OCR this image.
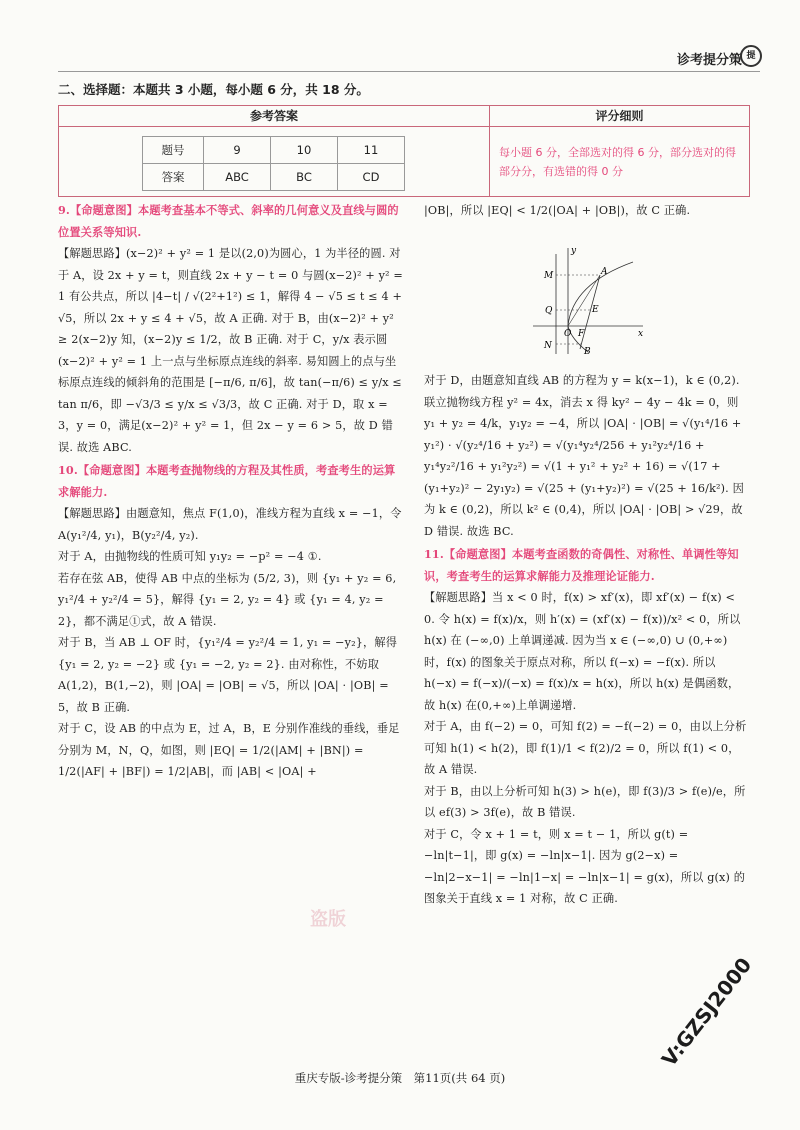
诊考提分策 提
二、选择题：本题共 3 小题，每小题 6 分，共 18 分。
参考答案
题号	9	10	11
答案	ABC	BC	CD
评分细则
每小题 6 分，全部选对的得 6 分，部分选对的得部分分，有选错的得 0 分

9.【命题意图】本题考查基本不等式、斜率的几何意义及直线与圆的位置关系等知识.

【解题思路】(x−2)² + y² = 1 是以(2,0)为圆心，1 为半径的圆. 对于 A，设 2x + y = t，则直线 2x + y − t = 0 与圆(x−2)² + y² = 1 有公共点，所以 |4−t| / √(2²+1²) ≤ 1，解得 4 − √5 ≤ t ≤ 4 + √5，所以 2x + y ≤ 4 + √5，故 A 正确. 对于 B，由(x−2)² + y² ≥ 2(x−2)y 知，(x−2)y ≤ 1/2，故 B 正确. 对于 C，y/x 表示圆(x−2)² + y² = 1 上一点与坐标原点连线的斜率. 易知圆上的点与坐标原点连线的倾斜角的范围是 [−π/6, π/6]，故 tan(−π/6) ≤ y/x ≤ tan π/6，即 −√3/3 ≤ y/x ≤ √3/3，故 C 正确. 对于 D，取 x = 3，y = 0，满足(x−2)² + y² = 1，但 2x − y = 6 > 5，故 D 错误. 故选 ABC.

10.【命题意图】本题考查抛物线的方程及其性质，考查考生的运算求解能力.

【解题思路】由题意知，焦点 F(1,0)，准线方程为直线 x = −1，令 A(y₁²/4, y₁)，B(y₂²/4, y₂).

对于 A，由抛物线的性质可知 y₁y₂ = −p² = −4 ①.

若存在弦 AB，使得 AB 中点的坐标为 (5/2, 3)，则 {y₁ + y₂ = 6, y₁²/4 + y₂²/4 = 5}，解得 {y₁ = 2, y₂ = 4} 或 {y₁ = 4, y₂ = 2}，都不满足①式，故 A 错误.

对于 B，当 AB ⊥ OF 时，{y₁²/4 = y₂²/4 = 1, y₁ = −y₂}，解得 {y₁ = 2, y₂ = −2} 或 {y₁ = −2, y₂ = 2}. 由对称性，不妨取 A(1,2)，B(1,−2)，则 |OA| = |OB| = √5，所以 |OA| · |OB| = 5，故 B 正确.

对于 C，设 AB 的中点为 E，过 A，B，E 分别作准线的垂线，垂足分别为 M，N，Q，如图，则 |EQ| = 1/2(|AM| + |BN|) = 1/2(|AF| + |BF|) = 1/2|AB|，而 |AB| < |OA| +

|OB|，所以 |EQ| < 1/2(|OA| + |OB|)，故 C 正确.

y
x
M
Q
N
O
A
E
F
B

对于 D，由题意知直线 AB 的方程为 y = k(x−1)，k ∈ (0,2). 联立抛物线方程 y² = 4x，消去 x 得 ky² − 4y − 4k = 0，则 y₁ + y₂ = 4/k，y₁y₂ = −4，所以 |OA| · |OB| = √(y₁⁴/16 + y₁²) · √(y₂⁴/16 + y₂²) = √(y₁⁴y₂⁴/256 + y₁²y₂⁴/16 + y₁⁴y₂²/16 + y₁²y₂²) = √(1 + y₁² + y₂² + 16) = √(17 + (y₁+y₂)² − 2y₁y₂) = √(25 + (y₁+y₂)²) = √(25 + 16/k²). 因为 k ∈ (0,2)，所以 k² ∈ (0,4)，所以 |OA| · |OB| > √29，故 D 错误. 故选 BC.

11.【命题意图】本题考查函数的奇偶性、对称性、单调性等知识，考查考生的运算求解能力及推理论证能力.

【解题思路】当 x < 0 时，f(x) > xf′(x)，即 xf′(x) − f(x) < 0. 令 h(x) = f(x)/x，则 h′(x) = (xf′(x) − f(x))/x² < 0，所以 h(x) 在 (−∞,0) 上单调递减. 因为当 x ∈ (−∞,0) ∪ (0,+∞) 时，f(x) 的图象关于原点对称，所以 f(−x) = −f(x). 所以 h(−x) = f(−x)/(−x) = f(x)/x = h(x)，所以 h(x) 是偶函数，故 h(x) 在(0,+∞)上单调递增.

对于 A，由 f(−2) = 0，可知 f(2) = −f(−2) = 0，由以上分析可知 h(1) < h(2)，即 f(1)/1 < f(2)/2 = 0，所以 f(1) < 0，故 A 错误.

对于 B，由以上分析可知 h(3) > h(e)，即 f(3)/3 > f(e)/e，所以 ef(3) > 3f(e)，故 B 错误.

对于 C，令 x + 1 = t，则 x = t − 1，所以 g(t) = −ln|t−1|，即 g(x) = −ln|x−1|. 因为 g(2−x) = −ln|2−x−1| = −ln|1−x| = −ln|x−1| = g(x)，所以 g(x) 的图象关于直线 x = 1 对称，故 C 正确.

盗版
重庆专版-诊考提分策　第11页(共 64 页)
V:GZSJ2000
